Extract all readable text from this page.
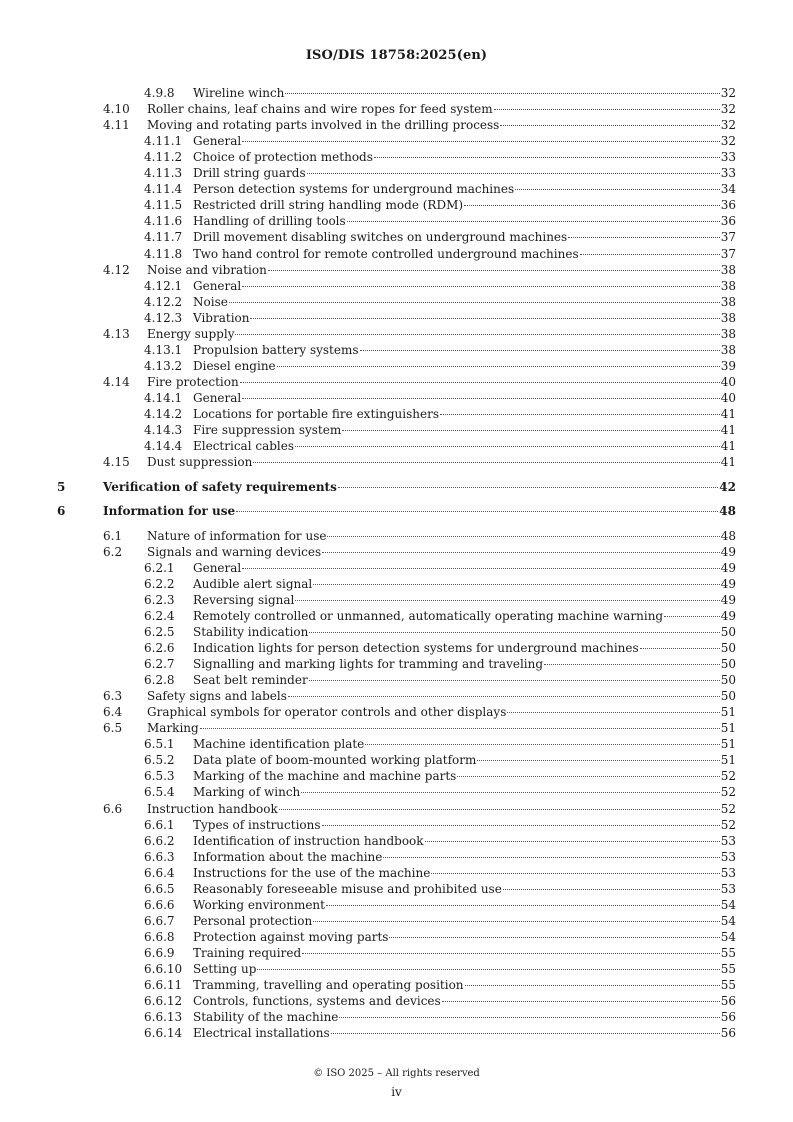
ISO/DIS 18758:2025(en)
4.9.8 Wireline winch	32
4.10 Roller chains, leaf chains and wire ropes for feed system	32
4.11 Moving and rotating parts involved in the drilling process	32
4.11.1 General	32
4.11.2 Choice of protection methods	33
4.11.3 Drill string guards	33
4.11.4 Person detection systems for underground machines	34
4.11.5 Restricted drill string handling mode (RDM)	36
4.11.6 Handling of drilling tools	36
4.11.7 Drill movement disabling switches on underground machines	37
4.11.8 Two hand control for remote controlled underground machines	37
4.12 Noise and vibration	38
4.12.1 General	38
4.12.2 Noise	38
4.12.3 Vibration	38
4.13 Energy supply	38
4.13.1 Propulsion battery systems	38
4.13.2 Diesel engine	39
4.14 Fire protection	40
4.14.1 General	40
4.14.2 Locations for portable fire extinguishers	41
4.14.3 Fire suppression system	41
4.14.4 Electrical cables	41
4.15 Dust suppression	41
5	Verification of safety requirements	42
6	Information for use	48
6.1 Nature of information for use	48
6.2 Signals and warning devices	49
6.2.1 General	49
6.2.2 Audible alert signal	49
6.2.3 Reversing signal	49
6.2.4 Remotely controlled or unmanned, automatically operating machine warning	49
6.2.5 Stability indication	50
6.2.6 Indication lights for person detection systems for underground machines	50
6.2.7 Signalling and marking lights for tramming and traveling	50
6.2.8 Seat belt reminder	50
6.3 Safety signs and labels	50
6.4 Graphical symbols for operator controls and other displays	51
6.5 Marking	51
6.5.1 Machine identification plate	51
6.5.2 Data plate of boom-mounted working platform	51
6.5.3 Marking of the machine and machine parts	52
6.5.4 Marking of winch	52
6.6 Instruction handbook	52
6.6.1 Types of instructions	52
6.6.2 Identification of instruction handbook	53
6.6.3 Information about the machine	53
6.6.4 Instructions for the use of the machine	53
6.6.5 Reasonably foreseeable misuse and prohibited use	53
6.6.6 Working environment	54
6.6.7 Personal protection	54
6.6.8 Protection against moving parts	54
6.6.9 Training required	55
6.6.10 Setting up	55
6.6.11 Tramming, travelling and operating position	55
6.6.12 Controls, functions, systems and devices	56
6.6.13 Stability of the machine	56
6.6.14 Electrical installations	56
© ISO 2025 – All rights reserved
iv
